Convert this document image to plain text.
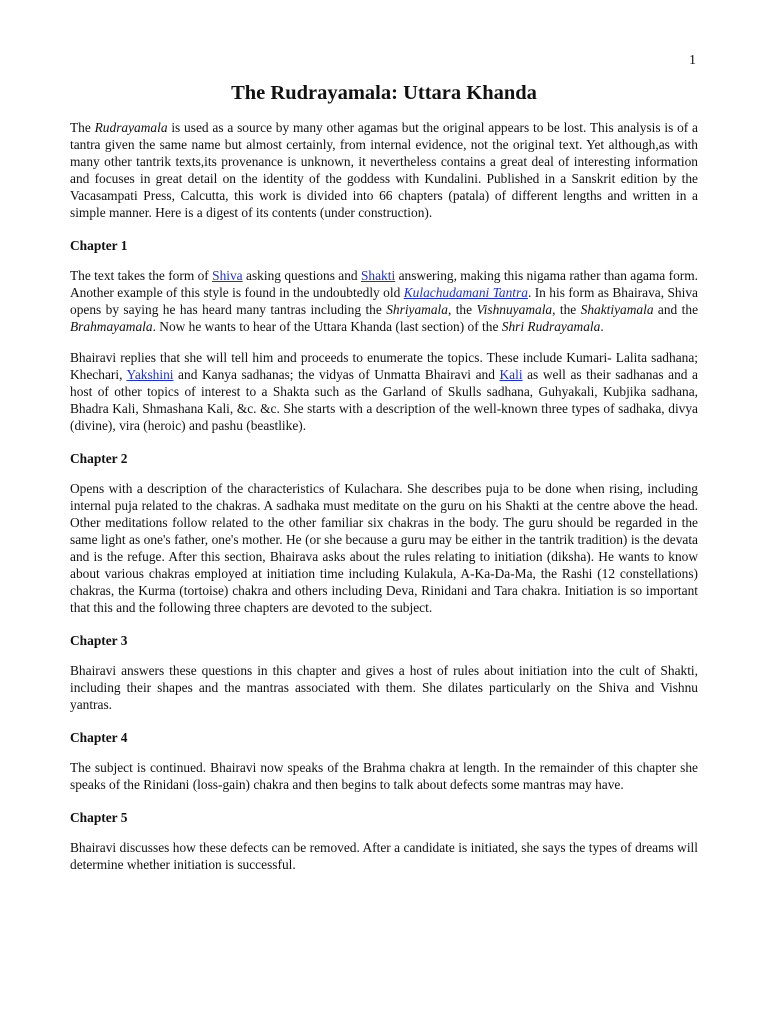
1
The Rudrayamala: Uttara Khanda

The Rudrayamala is used as a source by many other agamas but the original appears to be lost. This analysis is of a tantra given the same name but almost certainly, from internal evidence, not the original text. Yet although,as with many other tantrik texts,its provenance is unknown, it nevertheless contains a great deal of interesting information and focuses in great detail on the identity of the goddess with Kundalini. Published in a Sanskrit edition by the Vacasampati Press, Calcutta, this work is divided into 66 chapters (patala) of different lengths and written in a simple manner. Here is a digest of its contents (under construction).

Chapter 1

The text takes the form of Shiva asking questions and Shakti answering, making this nigama rather than agama form. Another example of this style is found in the undoubtedly old Kulachudamani Tantra. In his form as Bhairava, Shiva opens by saying he has heard many tantras including the Shriyamala, the Vishnuyamala, the Shaktiyamala and the Brahmayamala. Now he wants to hear of the Uttara Khanda (last section) of the Shri Rudrayamala.

Bhairavi replies that she will tell him and proceeds to enumerate the topics. These include Kumari- Lalita sadhana; Khechari, Yakshini and Kanya sadhanas; the vidyas of Unmatta Bhairavi and Kali as well as their sadhanas and a host of other topics of interest to a Shakta such as the Garland of Skulls sadhana, Guhyakali, Kubjika sadhana, Bhadra Kali, Shmashana Kali, &c. &c. She starts with a description of the well-known three types of sadhaka, divya (divine), vira (heroic) and pashu (beastlike).

Chapter 2

Opens with a description of the characteristics of Kulachara. She describes puja to be done when rising, including internal puja related to the chakras. A sadhaka must meditate on the guru on his Shakti at the centre above the head. Other meditations follow related to the other familiar six chakras in the body. The guru should be regarded in the same light as one's father, one's mother. He (or she because a guru may be either in the tantrik tradition) is the devata and is the refuge. After this section, Bhairava asks about the rules relating to initiation (diksha). He wants to know about various chakras employed at initiation time including Kulakula, A-Ka-Da-Ma, the Rashi (12 constellations) chakras, the Kurma (tortoise) chakra and others including Deva, Rinidani and Tara chakra. Initiation is so important that this and the following three chapters are devoted to the subject.

Chapter 3

Bhairavi answers these questions in this chapter and gives a host of rules about initiation into the cult of Shakti, including their shapes and the mantras associated with them. She dilates particularly on the Shiva and Vishnu yantras.

Chapter 4

The subject is continued. Bhairavi now speaks of the Brahma chakra at length. In the remainder of this chapter she speaks of the Rinidani (loss-gain) chakra and then begins to talk about defects some mantras may have.

Chapter 5

Bhairavi discusses how these defects can be removed. After a candidate is initiated, she says the types of dreams will determine whether initiation is successful.
